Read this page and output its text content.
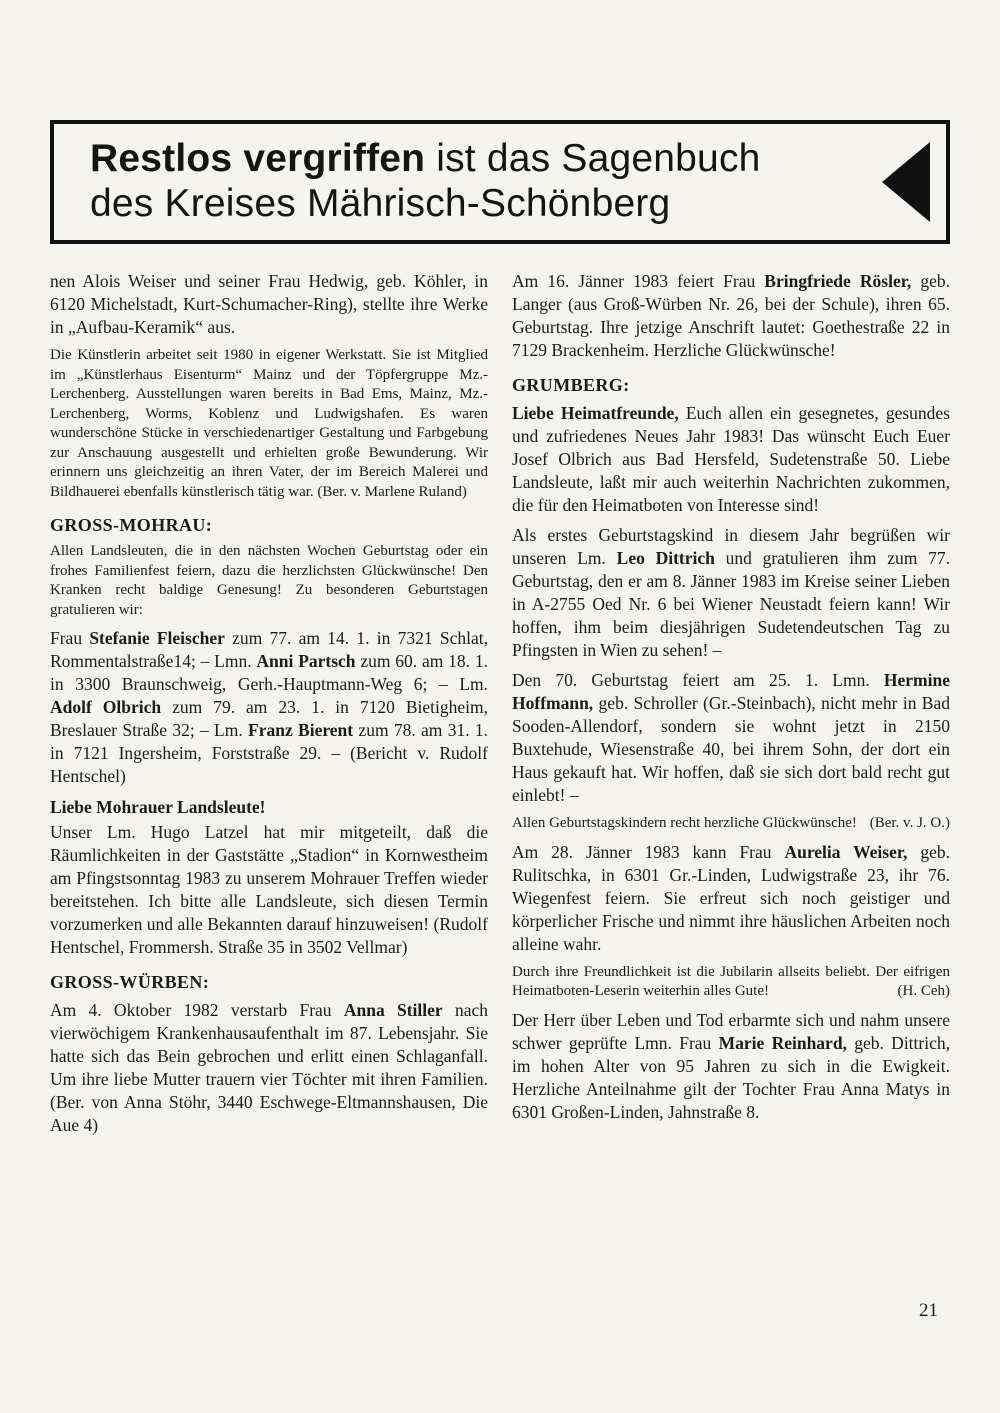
Restlos vergriffen ist das Sagenbuch
des Kreises Mährisch-Schönberg

nen Alois Weiser und seiner Frau Hedwig, geb. Köhler, in 6120 Michelstadt, Kurt-Schumacher-Ring), stellte ihre Werke in „Aufbau-Keramik“ aus.

Die Künstlerin arbeitet seit 1980 in eigener Werkstatt. Sie ist Mitglied im „Künstlerhaus Eisenturm“ Mainz und der Töpfergruppe Mz.-Lerchenberg. Ausstellungen waren bereits in Bad Ems, Mainz, Mz.-Lerchenberg, Worms, Koblenz und Ludwigshafen. Es waren wunderschöne Stücke in verschiedenartiger Gestaltung und Farbgebung zur Anschauung ausgestellt und erhielten große Bewunderung. Wir erinnern uns gleichzeitig an ihren Vater, der im Bereich Malerei und Bildhauerei ebenfalls künstlerisch tätig war. (Ber. v. Marlene Ruland)

GROSS-MOHRAU:

Allen Landsleuten, die in den nächsten Wochen Geburtstag oder ein frohes Familienfest feiern, dazu die herzlichsten Glückwünsche! Den Kranken recht baldige Genesung! Zu besonderen Geburtstagen gratulieren wir:

Frau Stefanie Fleischer zum 77. am 14. 1. in 7321 Schlat, Rommentalstraße14; – Lmn. Anni Partsch zum 60. am 18. 1. in 3300 Braunschweig, Gerh.-Hauptmann-Weg 6; – Lm. Adolf Olbrich zum 79. am 23. 1. in 7120 Bietigheim, Breslauer Straße 32; – Lm. Franz Bierent zum 78. am 31. 1. in 7121 Ingersheim, Forststraße 29. – (Bericht v. Rudolf Hentschel)

Liebe Mohrauer Landsleute!

Unser Lm. Hugo Latzel hat mir mitgeteilt, daß die Räumlichkeiten in der Gaststätte „Stadion“ in Kornwestheim am Pfingstsonntag 1983 zu unserem Mohrauer Treffen wieder bereitstehen. Ich bitte alle Landsleute, sich diesen Termin vorzumerken und alle Bekannten darauf hinzuweisen! (Rudolf Hentschel, Frommersh. Straße 35 in 3502 Vellmar)

GROSS-WÜRBEN:

Am 4. Oktober 1982 verstarb Frau Anna Stiller nach vierwöchigem Krankenhausaufenthalt im 87. Lebensjahr. Sie hatte sich das Bein gebrochen und erlitt einen Schlaganfall. Um ihre liebe Mutter trauern vier Töchter mit ihren Familien. (Ber. von Anna Stöhr, 3440 Eschwege-Eltmannshausen, Die Aue 4)

Am 16. Jänner 1983 feiert Frau Bringfriede Rösler, geb. Langer (aus Groß-Würben Nr. 26, bei der Schule), ihren 65. Geburtstag. Ihre jetzige Anschrift lautet: Goethestraße 22 in 7129 Brackenheim. Herzliche Glückwünsche!

GRUMBERG:

Liebe Heimatfreunde, Euch allen ein gesegnetes, gesundes und zufriedenes Neues Jahr 1983! Das wünscht Euch Euer Josef Olbrich aus Bad Hersfeld, Sudetenstraße 50. Liebe Landsleute, laßt mir auch weiterhin Nachrichten zukommen, die für den Heimatboten von Interesse sind!

Als erstes Geburtstagskind in diesem Jahr begrüßen wir unseren Lm. Leo Dittrich und gratulieren ihm zum 77. Geburtstag, den er am 8. Jänner 1983 im Kreise seiner Lieben in A-2755 Oed Nr. 6 bei Wiener Neustadt feiern kann! Wir hoffen, ihm beim diesjährigen Sudetendeutschen Tag zu Pfingsten in Wien zu sehen! –

Den 70. Geburtstag feiert am 25. 1. Lmn. Hermine Hoffmann, geb. Schroller (Gr.-Steinbach), nicht mehr in Bad Sooden-Allendorf, sondern sie wohnt jetzt in 2150 Buxtehude, Wiesenstraße 40, bei ihrem Sohn, der dort ein Haus gekauft hat. Wir hoffen, daß sie sich dort bald recht gut einlebt! –

Allen Geburtstagskindern recht herzliche Glückwünsche! (Ber. v. J. O.)

Am 28. Jänner 1983 kann Frau Aurelia Weiser, geb. Rulitschka, in 6301 Gr.-Linden, Ludwigstraße 23, ihr 76. Wiegenfest feiern. Sie erfreut sich noch geistiger und körperlicher Frische und nimmt ihre häuslichen Arbeiten noch alleine wahr.

Durch ihre Freundlichkeit ist die Jubilarin allseits beliebt. Der eifrigen Heimatboten-Leserin weiterhin alles Gute!	(H. Ceh)

Der Herr über Leben und Tod erbarmte sich und nahm unsere schwer geprüfte Lmn. Frau Marie Reinhard, geb. Dittrich, im hohen Alter von 95 Jahren zu sich in die Ewigkeit. Herzliche Anteilnahme gilt der Tochter Frau Anna Matys in 6301 Großen-Linden, Jahnstraße 8.

21
